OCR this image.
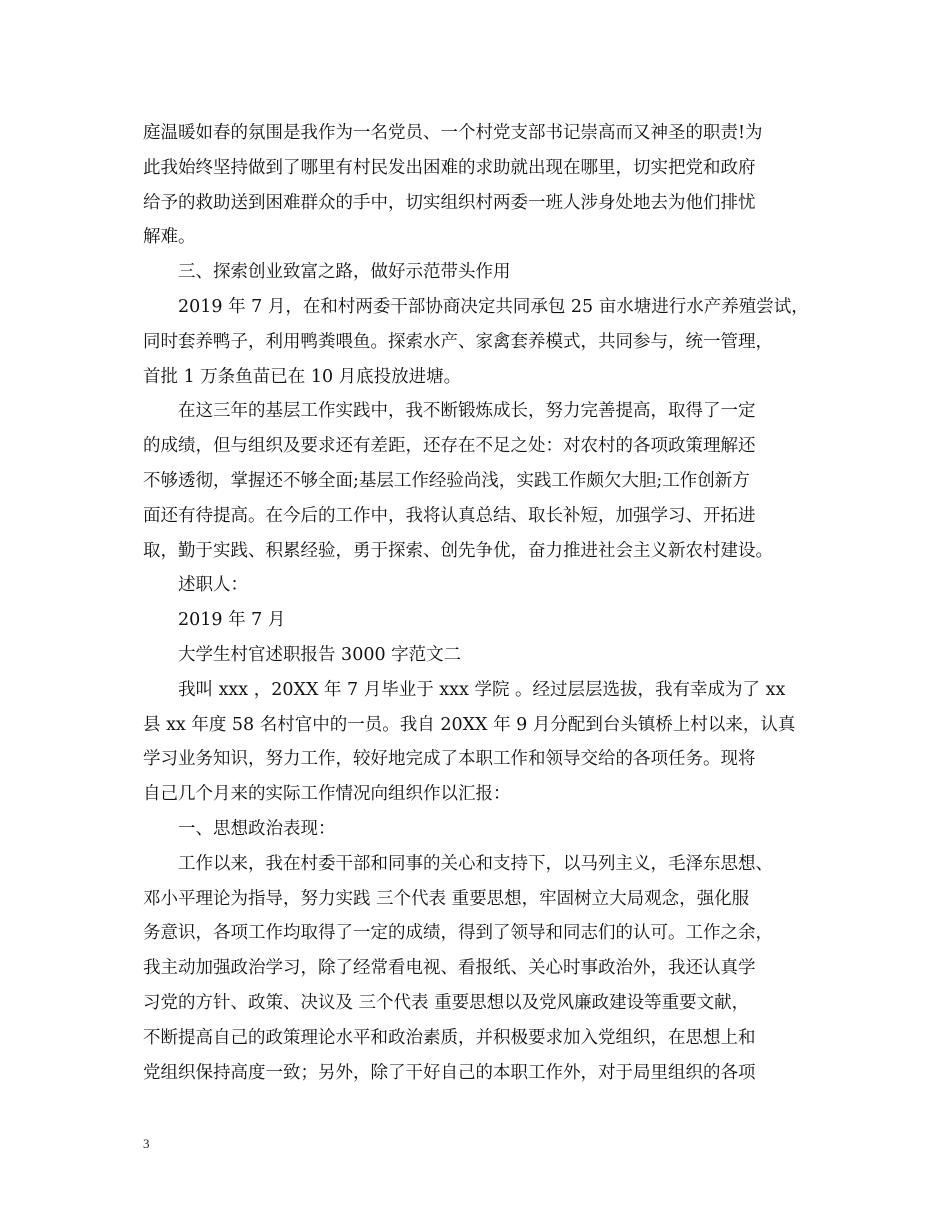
庭温暖如春的氛围是我作为一名党员、一个村党支部书记崇高而又神圣的职责!为
此我始终坚持做到了哪里有村民发出困难的求助就出现在哪里，切实把党和政府
给予的救助送到困难群众的手中，切实组织村两委一班人涉身处地去为他们排忧
解难。
三、探索创业致富之路，做好示范带头作用
2019 年 7 月，在和村两委干部协商决定共同承包 25 亩水塘进行水产养殖尝试，
同时套养鸭子，利用鸭粪喂鱼。探索水产、家禽套养模式，共同参与，统一管理，
首批 1 万条鱼苗已在 10 月底投放进塘。
在这三年的基层工作实践中，我不断锻炼成长，努力完善提高，取得了一定
的成绩，但与组织及要求还有差距，还存在不足之处：对农村的各项政策理解还
不够透彻，掌握还不够全面;基层工作经验尚浅，实践工作颇欠大胆;工作创新方
面还有待提高。在今后的工作中，我将认真总结、取长补短，加强学习、开拓进
取，勤于实践、积累经验，勇于探索、创先争优，奋力推进社会主义新农村建设。
述职人：
2019 年 7 月
大学生村官述职报告 3000 字范文二
我叫 xxx ，20XX 年 7 月毕业于 xxx 学院 。经过层层选拔，我有幸成为了 xx
县 xx 年度 58 名村官中的一员。我自 20XX 年 9 月分配到台头镇桥上村以来，认真
学习业务知识，努力工作，较好地完成了本职工作和领导交给的各项任务。现将
自己几个月来的实际工作情况向组织作以汇报：
一、思想政治表现：
工作以来，我在村委干部和同事的关心和支持下，以马列主义，毛泽东思想、
邓小平理论为指导，努力实践 三个代表 重要思想，牢固树立大局观念，强化服
务意识，各项工作均取得了一定的成绩，得到了领导和同志们的认可。工作之余，
我主动加强政治学习，除了经常看电视、看报纸、关心时事政治外，我还认真学
习党的方针、政策、决议及 三个代表 重要思想以及党风廉政建设等重要文献，
不断提高自己的政策理论水平和政治素质，并积极要求加入党组织，在思想上和
党组织保持高度一致；另外，除了干好自己的本职工作外，对于局里组织的各项
3
